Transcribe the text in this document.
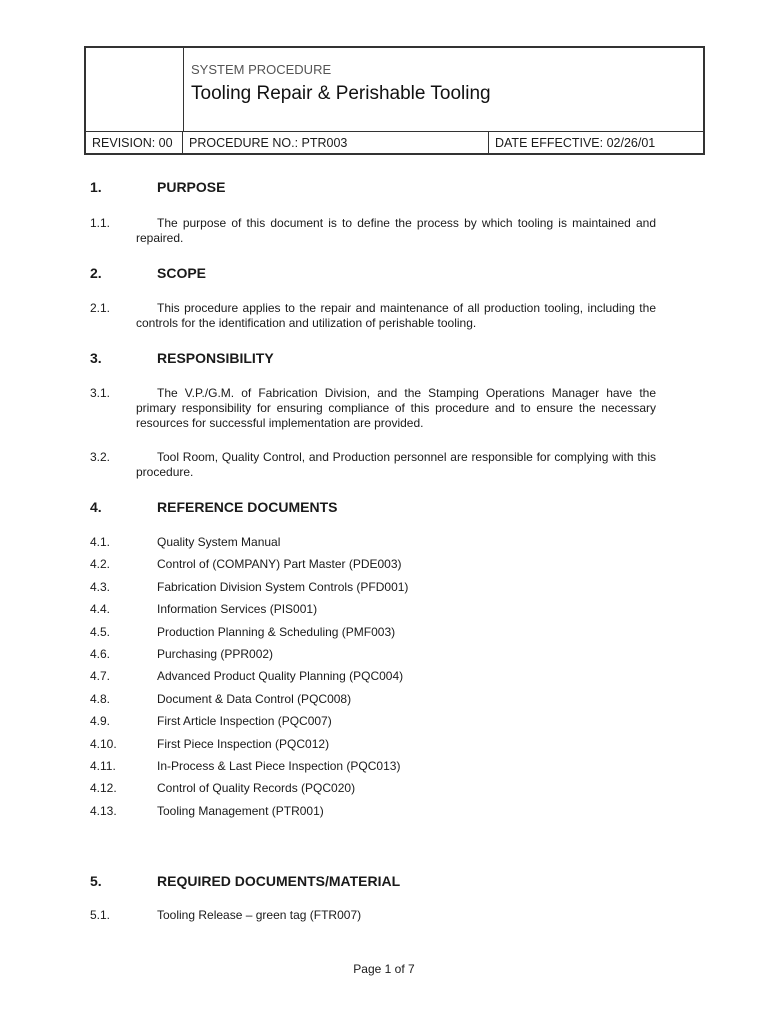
SYSTEM PROCEDURE
Tooling Repair & Perishable Tooling
REVISION: 00	PROCEDURE NO.: PTR003	DATE EFFECTIVE: 02/26/01
1.	PURPOSE
1.1.	The purpose of this document is to define the process by which tooling is maintained and repaired.
2.	SCOPE
2.1.	This procedure applies to the repair and maintenance of all production tooling, including the controls for the identification and utilization of perishable tooling.
3.	RESPONSIBILITY
3.1.	The V.P./G.M. of Fabrication Division, and the Stamping Operations Manager have the primary responsibility for ensuring compliance of this procedure and to ensure the necessary resources for successful implementation are provided.
3.2.	Tool Room, Quality Control, and Production personnel are responsible for complying with this procedure.
4.	REFERENCE DOCUMENTS
4.1.	Quality System Manual
4.2.	Control of (COMPANY) Part Master (PDE003)
4.3.	Fabrication Division System Controls (PFD001)
4.4.	Information Services (PIS001)
4.5.	Production Planning & Scheduling (PMF003)
4.6.	Purchasing (PPR002)
4.7.	Advanced Product Quality Planning (PQC004)
4.8.	Document & Data Control (PQC008)
4.9.	First Article Inspection (PQC007)
4.10.	First Piece Inspection (PQC012)
4.11.	In-Process & Last Piece Inspection (PQC013)
4.12.	Control of Quality Records (PQC020)
4.13.	Tooling Management (PTR001)
5.	REQUIRED DOCUMENTS/MATERIAL
5.1.	Tooling Release – green tag (FTR007)
Page 1 of 7
